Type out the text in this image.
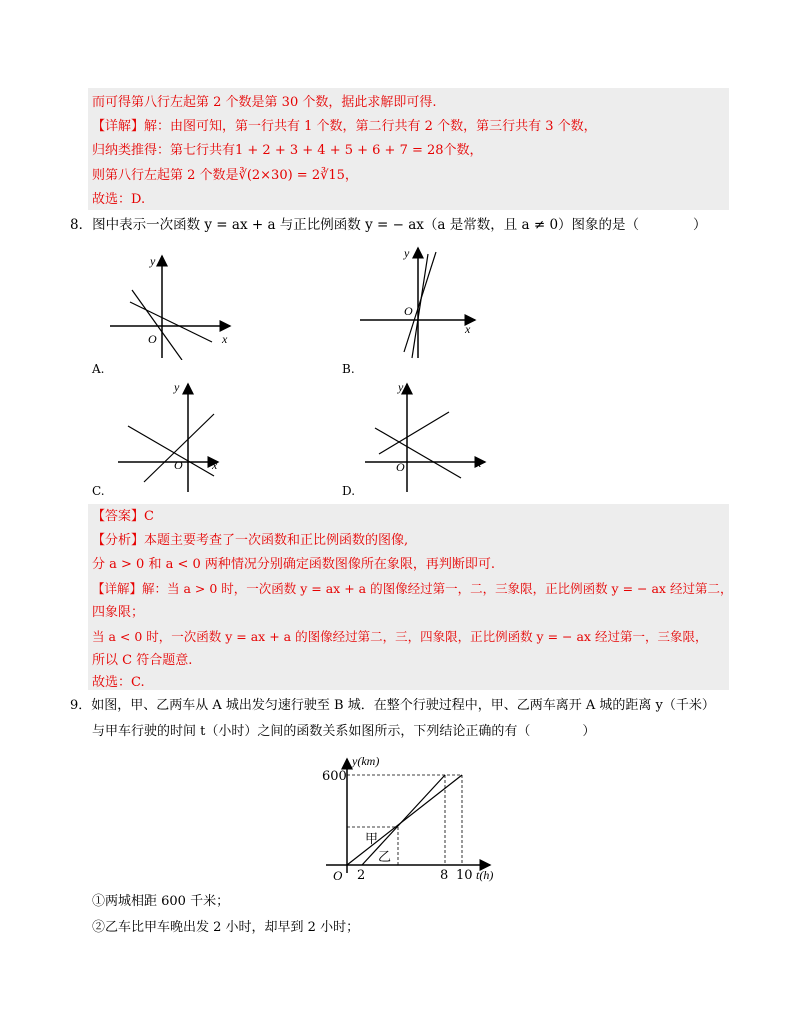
而可得第八行左起第 2 个数是第 30 个数，据此求解即可得.
【详解】解：由图可知，第一行共有 1 个数，第二行共有 2 个数，第三行共有 3 个数，
归纳类推得：第七行共有1 + 2 + 3 + 4 + 5 + 6 + 7 = 28个数，
则第八行左起第 2 个数是∛(2×30) = 2∛15，
故选：D.
8．图中表示一次函数 y = ax + a 与正比例函数 y = − ax（a 是常数，且 a ≠ 0）图象的是（　　　　）
y
x
O
A.
y
x
O
B.
y
x
O
C.
y
x
O
D.
【答案】C
【分析】本题主要考查了一次函数和正比例函数的图像,
分 a > 0 和 a < 0 两种情况分别确定函数图像所在象限，再判断即可.
【详解】解：当 a > 0 时，一次函数 y = ax + a 的图像经过第一，二，三象限，正比例函数 y = − ax 经过第二，
四象限；
当 a < 0 时，一次函数 y = ax + a 的图像经过第二，三，四象限，正比例函数 y = − ax 经过第一，三象限，
所以 C 符合题意.
故选：C.
9．如图，甲、乙两车从 A 城出发匀速行驶至 B 城．在整个行驶过程中，甲、乙两车离开 A 城的距离 y（千米）
与甲车行驶的时间 t（小时）之间的函数关系如图所示，下列结论正确的有（　　　　）
y(km)
600
O 2	8 10 t(h)
甲
乙
①两城相距 600 千米；
②乙车比甲车晚出发 2 小时，却早到 2 小时；
